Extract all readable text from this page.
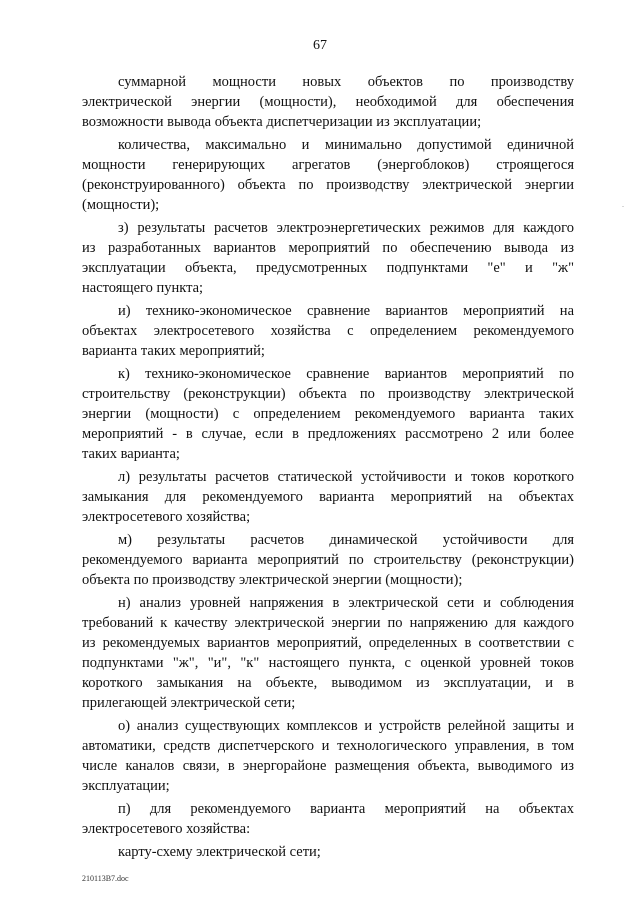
67
суммарной мощности новых объектов по производству
электрической энергии (мощности), необходимой для обеспечения
возможности вывода объекта диспетчеризации из эксплуатации;
количества, максимально и минимально допустимой единичной
мощности генерирующих агрегатов (энергоблоков) строящегося
(реконструированного) объекта по производству электрической энергии
(мощности);
з) результаты расчетов электроэнергетических режимов для каждого
из разработанных вариантов мероприятий по обеспечению вывода из
эксплуатации объекта, предусмотренных подпунктами "е" и "ж"
настоящего пункта;
и) технико-экономическое сравнение вариантов мероприятий на
объектах электросетевого хозяйства с определением рекомендуемого
варианта таких мероприятий;
к) технико-экономическое сравнение вариантов мероприятий по
строительству (реконструкции) объекта по производству электрической
энергии (мощности) с определением рекомендуемого варианта таких
мероприятий - в случае, если в предложениях рассмотрено 2 или более
таких варианта;
л) результаты расчетов статической устойчивости и токов короткого
замыкания для рекомендуемого варианта мероприятий на объектах
электросетевого хозяйства;
м) результаты расчетов динамической устойчивости для
рекомендуемого варианта мероприятий по строительству (реконструкции)
объекта по производству электрической энергии (мощности);
н) анализ уровней напряжения в электрической сети и соблюдения
требований к качеству электрической энергии по напряжению для каждого
из рекомендуемых вариантов мероприятий, определенных в соответствии с
подпунктами "ж", "и", "к" настоящего пункта, с оценкой уровней токов
короткого замыкания на объекте, выводимом из эксплуатации, и в
прилегающей электрической сети;
о) анализ существующих комплексов и устройств релейной защиты и
автоматики, средств диспетчерского и технологического управления, в том
числе каналов связи, в энергорайоне размещения объекта, выводимого из
эксплуатации;
п) для рекомендуемого варианта мероприятий на объектах
электросетевого хозяйства:
карту-схему электрической сети;
210113B7.doc
.
